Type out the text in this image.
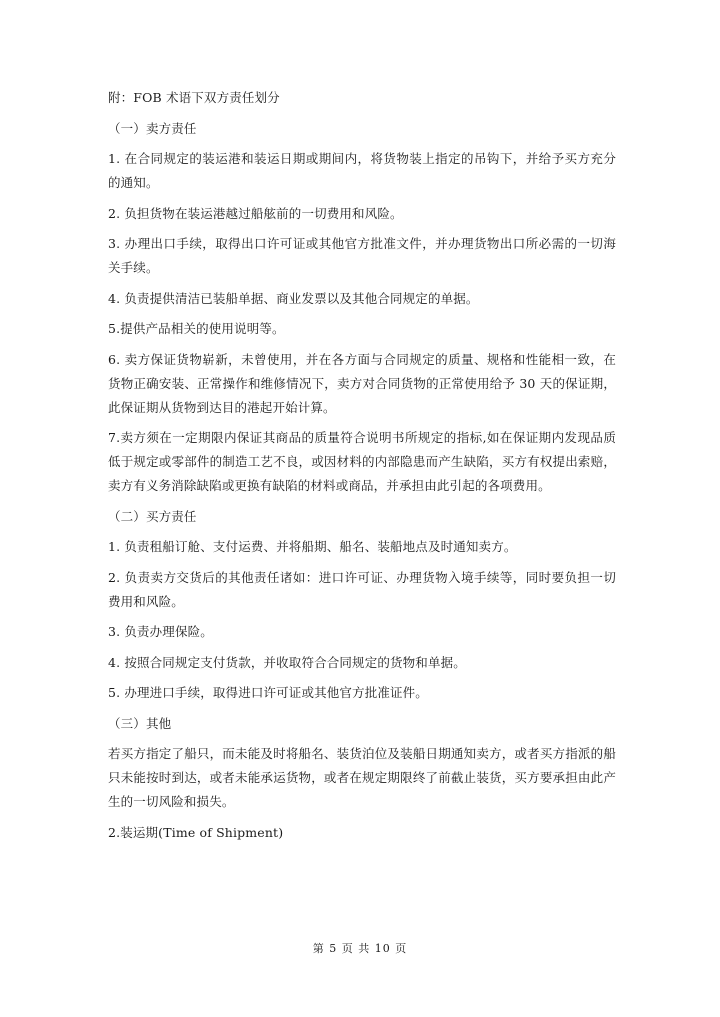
附：FOB 术语下双方责任划分

（一）卖方责任

1. 在合同规定的装运港和装运日期或期间内，将货物装上指定的吊钩下，并给予买方充分的通知。

2. 负担货物在装运港越过船舷前的一切费用和风险。

3. 办理出口手续，取得出口许可证或其他官方批准文件，并办理货物出口所必需的一切海关手续。

4. 负责提供清洁已装船单据、商业发票以及其他合同规定的单据。

5.提供产品相关的使用说明等。

6. 卖方保证货物崭新，未曾使用，并在各方面与合同规定的质量、规格和性能相一致，在货物正确安装、正常操作和维修情况下，卖方对合同货物的正常使用给予 30 天的保证期，此保证期从货物到达目的港起开始计算。

7.卖方须在一定期限内保证其商品的质量符合说明书所规定的指标,如在保证期内发现品质低于规定或零部件的制造工艺不良，或因材料的内部隐患而产生缺陷，买方有权提出索赔，卖方有义务消除缺陷或更换有缺陷的材料或商品，并承担由此引起的各项费用。

（二）买方责任

1. 负责租船订舱、支付运费、并将船期、船名、装船地点及时通知卖方。

2. 负责卖方交货后的其他责任诸如：进口许可证、办理货物入境手续等，同时要负担一切费用和风险。

3. 负责办理保险。

4. 按照合同规定支付货款，并收取符合合同规定的货物和单据。

5. 办理进口手续，取得进口许可证或其他官方批准证件。

（三）其他

若买方指定了船只，而未能及时将船名、装货泊位及装船日期通知卖方，或者买方指派的船只未能按时到达，或者未能承运货物，或者在规定期限终了前截止装货，买方要承担由此产生的一切风险和损失。

2.装运期(Time of Shipment)

第 5 页 共 10 页
